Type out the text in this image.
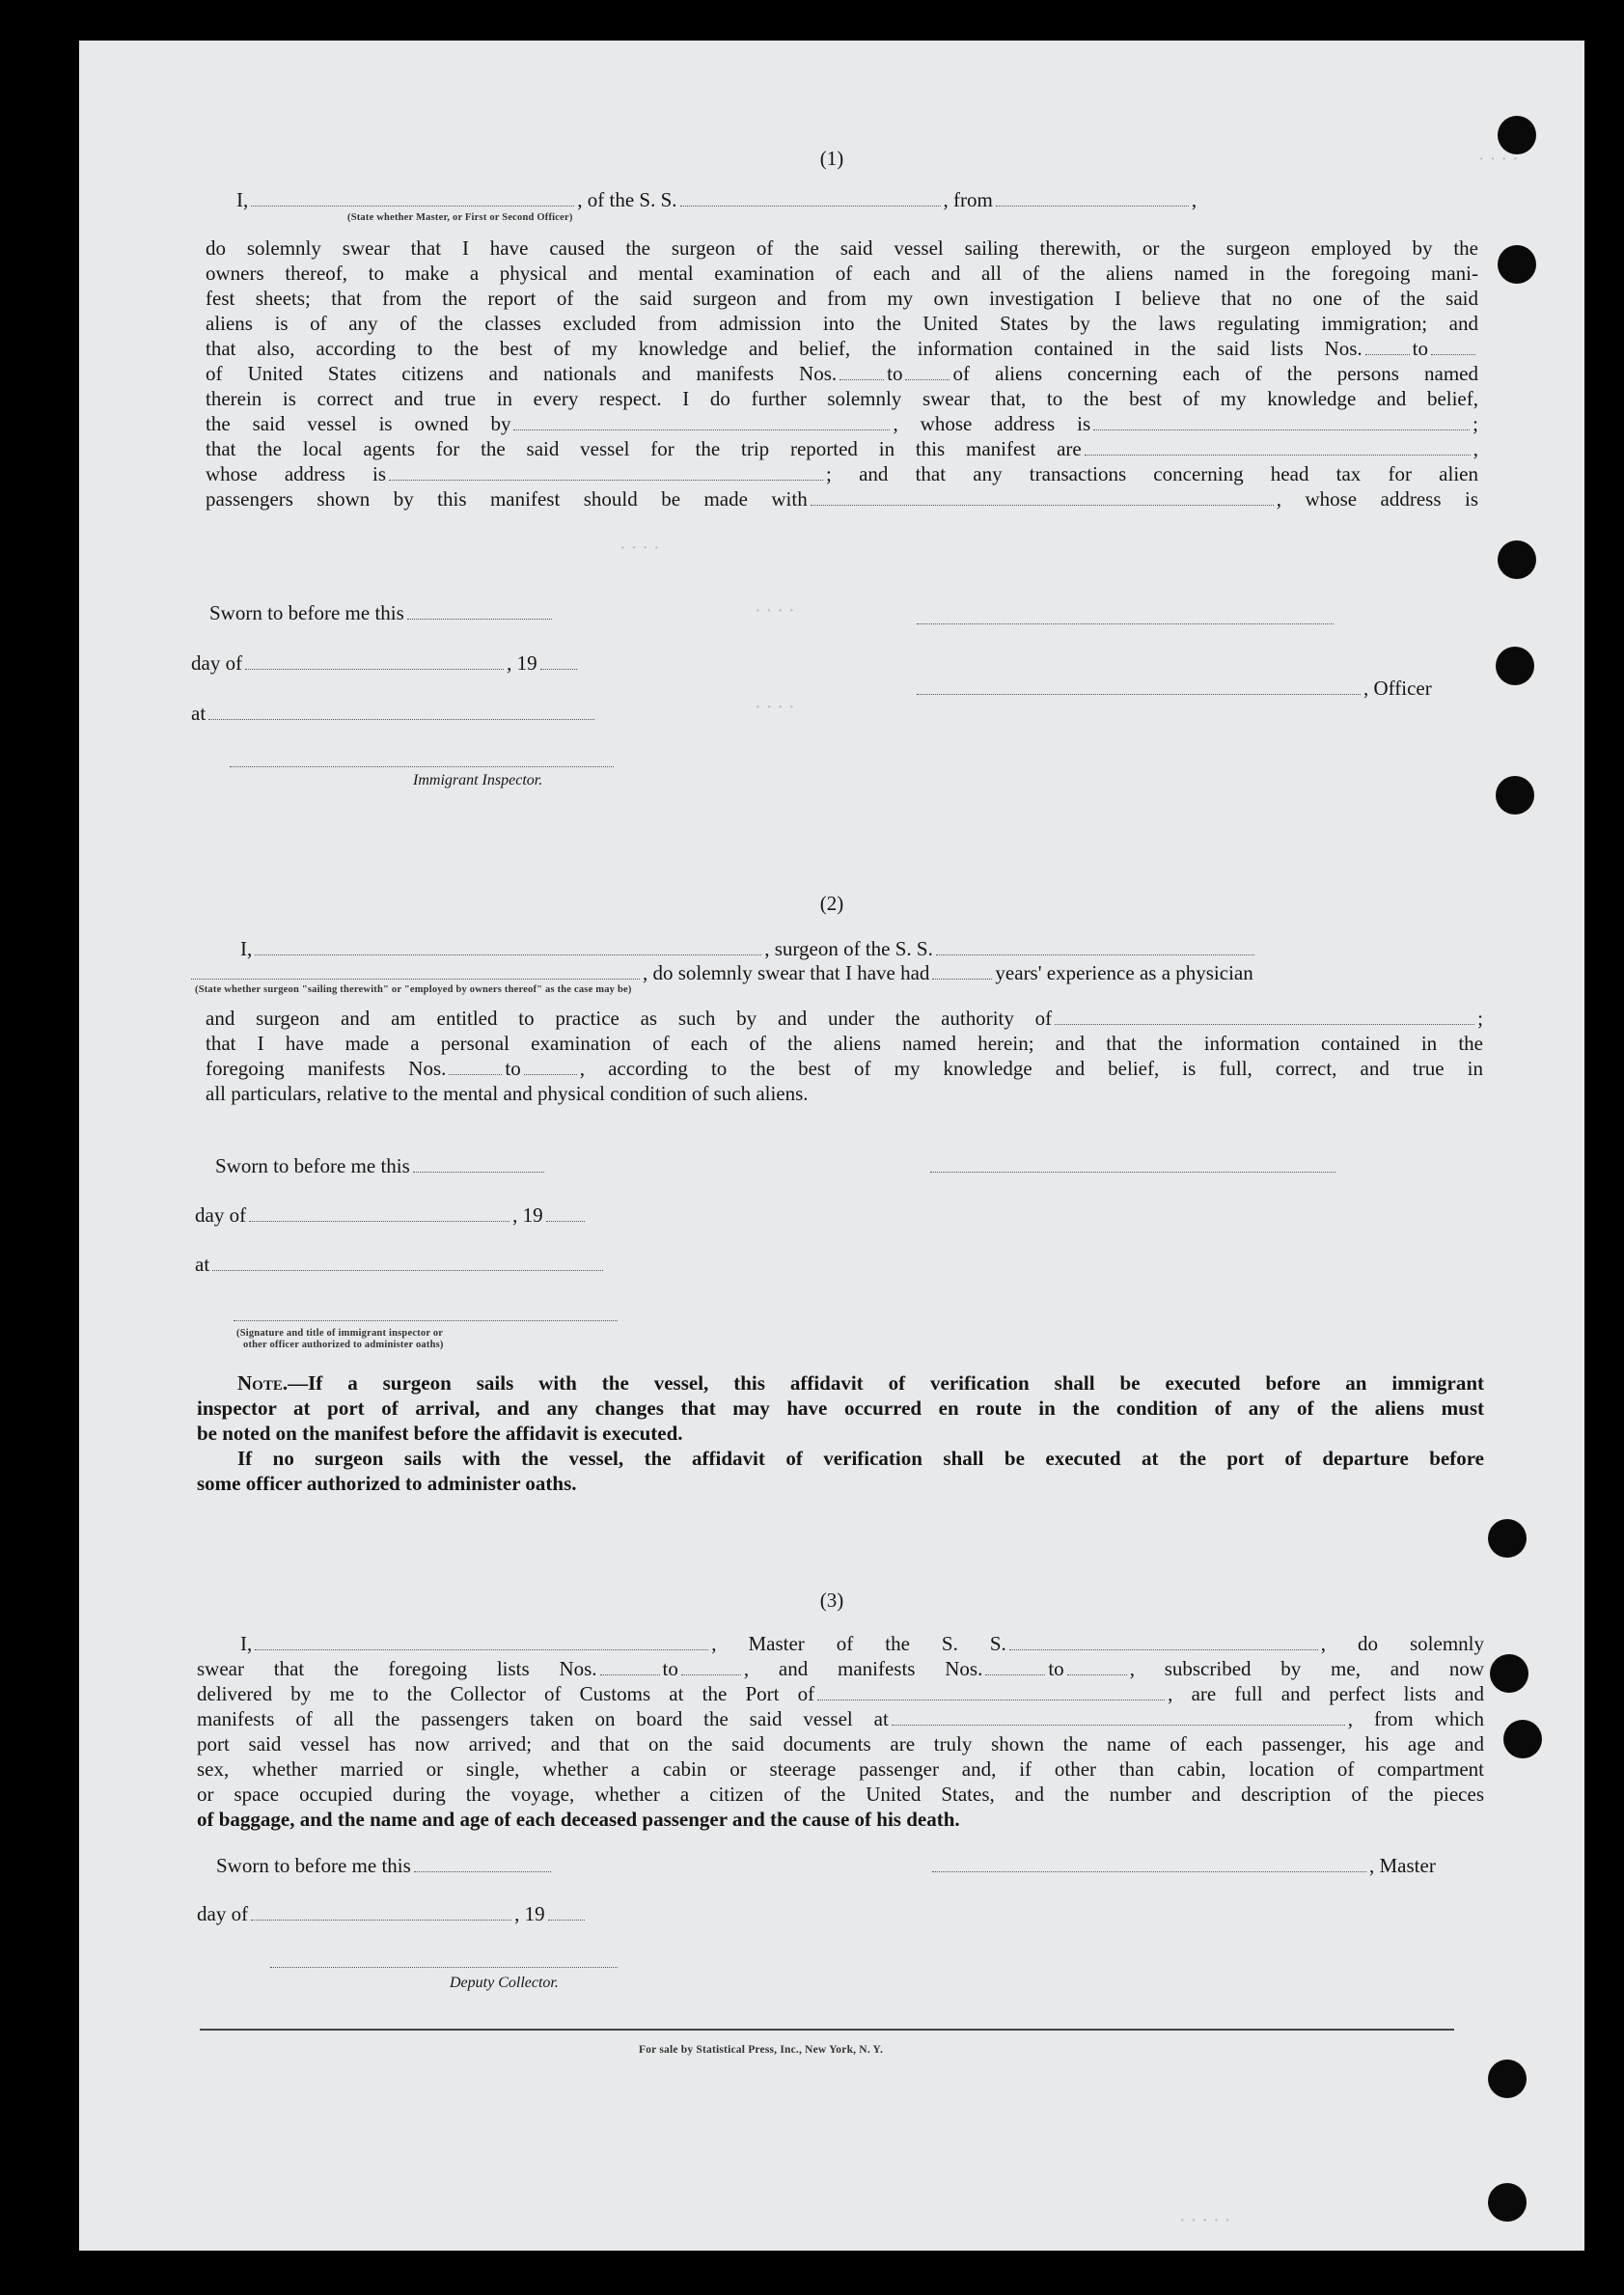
· · · ·
· · · ·
· · · ·
· · · ·
· · · · ·
(1)
I,	, of the S. S.	, from	,
(State whether Master, or First or Second Officer)
do solemnly swear that I have caused the surgeon of the said vessel sailing therewith, or the surgeon employed by the
owners thereof, to make a physical and mental examination of each and all of the aliens named in the foregoing mani-
fest sheets; that from the report of the said surgeon and from my own investigation I believe that no one of the said
aliens is of any of the classes excluded from admission into the United States by the laws regulating immigration; and
that also, according to the best of my knowledge and belief, the information contained in the said lists Nos. to
of United States citizens and nationals and manifests Nos. to of aliens concerning each of the persons named
therein is correct and true in every respect. I do further solemnly swear that, to the best of my knowledge and belief,
the said vessel is owned by	, whose address is	;
that the local agents for the said vessel for the trip reported in this manifest are	,
whose address is	; and that any transactions concerning head tax for alien
passengers shown by this manifest should be made with	, whose address is
Sworn to before me this
day of	, 19
at
Immigrant Inspector.
, Officer
(2)
I,	, surgeon of the S. S.
, do solemnly swear that I have had	years' experience as a physician
(State whether surgeon "sailing therewith" or "employed by owners thereof" as the case may be)
and surgeon and am entitled to practice as such by and under the authority of	;
that I have made a personal examination of each of the aliens named herein; and that the information contained in the
foregoing manifests Nos.	to	, according to the best of my knowledge and belief, is full, correct, and true in
all particulars, relative to the mental and physical condition of such aliens.
Sworn to before me this
day of	, 19
at
(Signature and title of immigrant inspector or
other officer authorized to administer oaths)
Note.—If a surgeon sails with the vessel, this affidavit of verification shall be executed before an immigrant
inspector at port of arrival, and any changes that may have occurred en route in the condition of any of the aliens must
be noted on the manifest before the affidavit is executed.
If no surgeon sails with the vessel, the affidavit of verification shall be executed at the port of departure before
some officer authorized to administer oaths.
(3)
I,	, Master of the S. S.	, do solemnly
swear that the foregoing lists Nos.	to	, and manifests Nos.	to	, subscribed by me, and now
delivered by me to the Collector of Customs at the Port of	, are full and perfect lists and
manifests of all the passengers taken on board the said vessel at	, from which
port said vessel has now arrived; and that on the said documents are truly shown the name of each passenger, his age and
sex, whether married or single, whether a cabin or steerage passenger and, if other than cabin, location of compartment
or space occupied during the voyage, whether a citizen of the United States, and the number and description of the pieces
of baggage, and the name and age of each deceased passenger and the cause of his death.
Sworn to before me this	, Master
day of	, 19
Deputy Collector.
For sale by Statistical Press, Inc., New York, N. Y.
